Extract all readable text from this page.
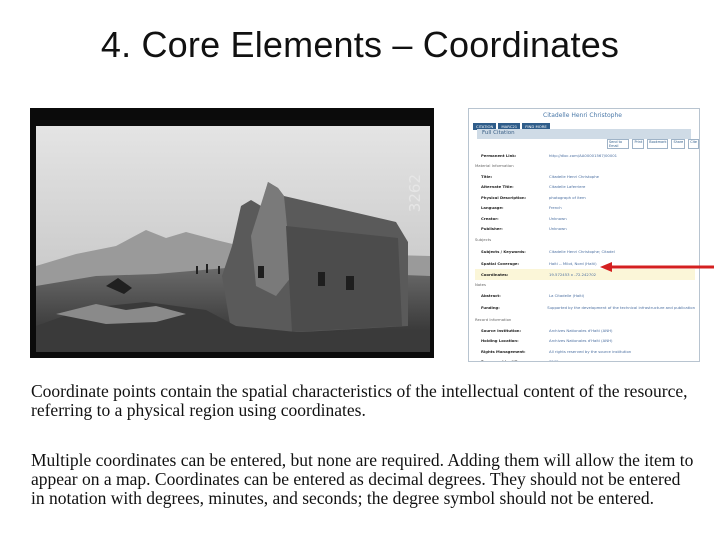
4. Core Elements – Coordinates
3262
Citadelle Henri Christophe
CITATION	MARC21	FIND MORE
Full Citation
Send to Email
Print	Bookmark	Share	Cite
Permanent Link:	http://dloc.com/AA00001567/00001
Material Information
Title:	Citadelle Henri Christophe
Alternate Title:	Citadelle Laferriere
Physical Description:	photograph of item
Language:	French
Creator:	Unknown
Publisher:	Unknown
Subjects
Subjects / Keywords:	Citadelle Henri Christophe; Citadel
Spatial Coverage:	Haiti -- Milot, Nord (Haiti)
Coordinates:	19.572453 x -72.242702
Notes
Abstract:	La Citadelle (Haiti)
Funding:	Supported by the development of the technical infrastructure and publication
Record Information
Source Institution:	Archives Nationales d'Haiti (ANH)
Holding Location:	Archives Nationales d'Haiti (ANH)
Rights Management:	All rights reserved by the source institution
Resource Identifier:	3262

Coordinate points contain the spatial characteristics of the intellectual content of the resource, referring to a physical region using coordinates.

Multiple coordinates can be entered, but none are required. Adding them will allow the item to appear on a map. Coordinates can be entered as decimal degrees. They should not be entered in notation with degrees, minutes, and seconds; the degree symbol should not be entered.
